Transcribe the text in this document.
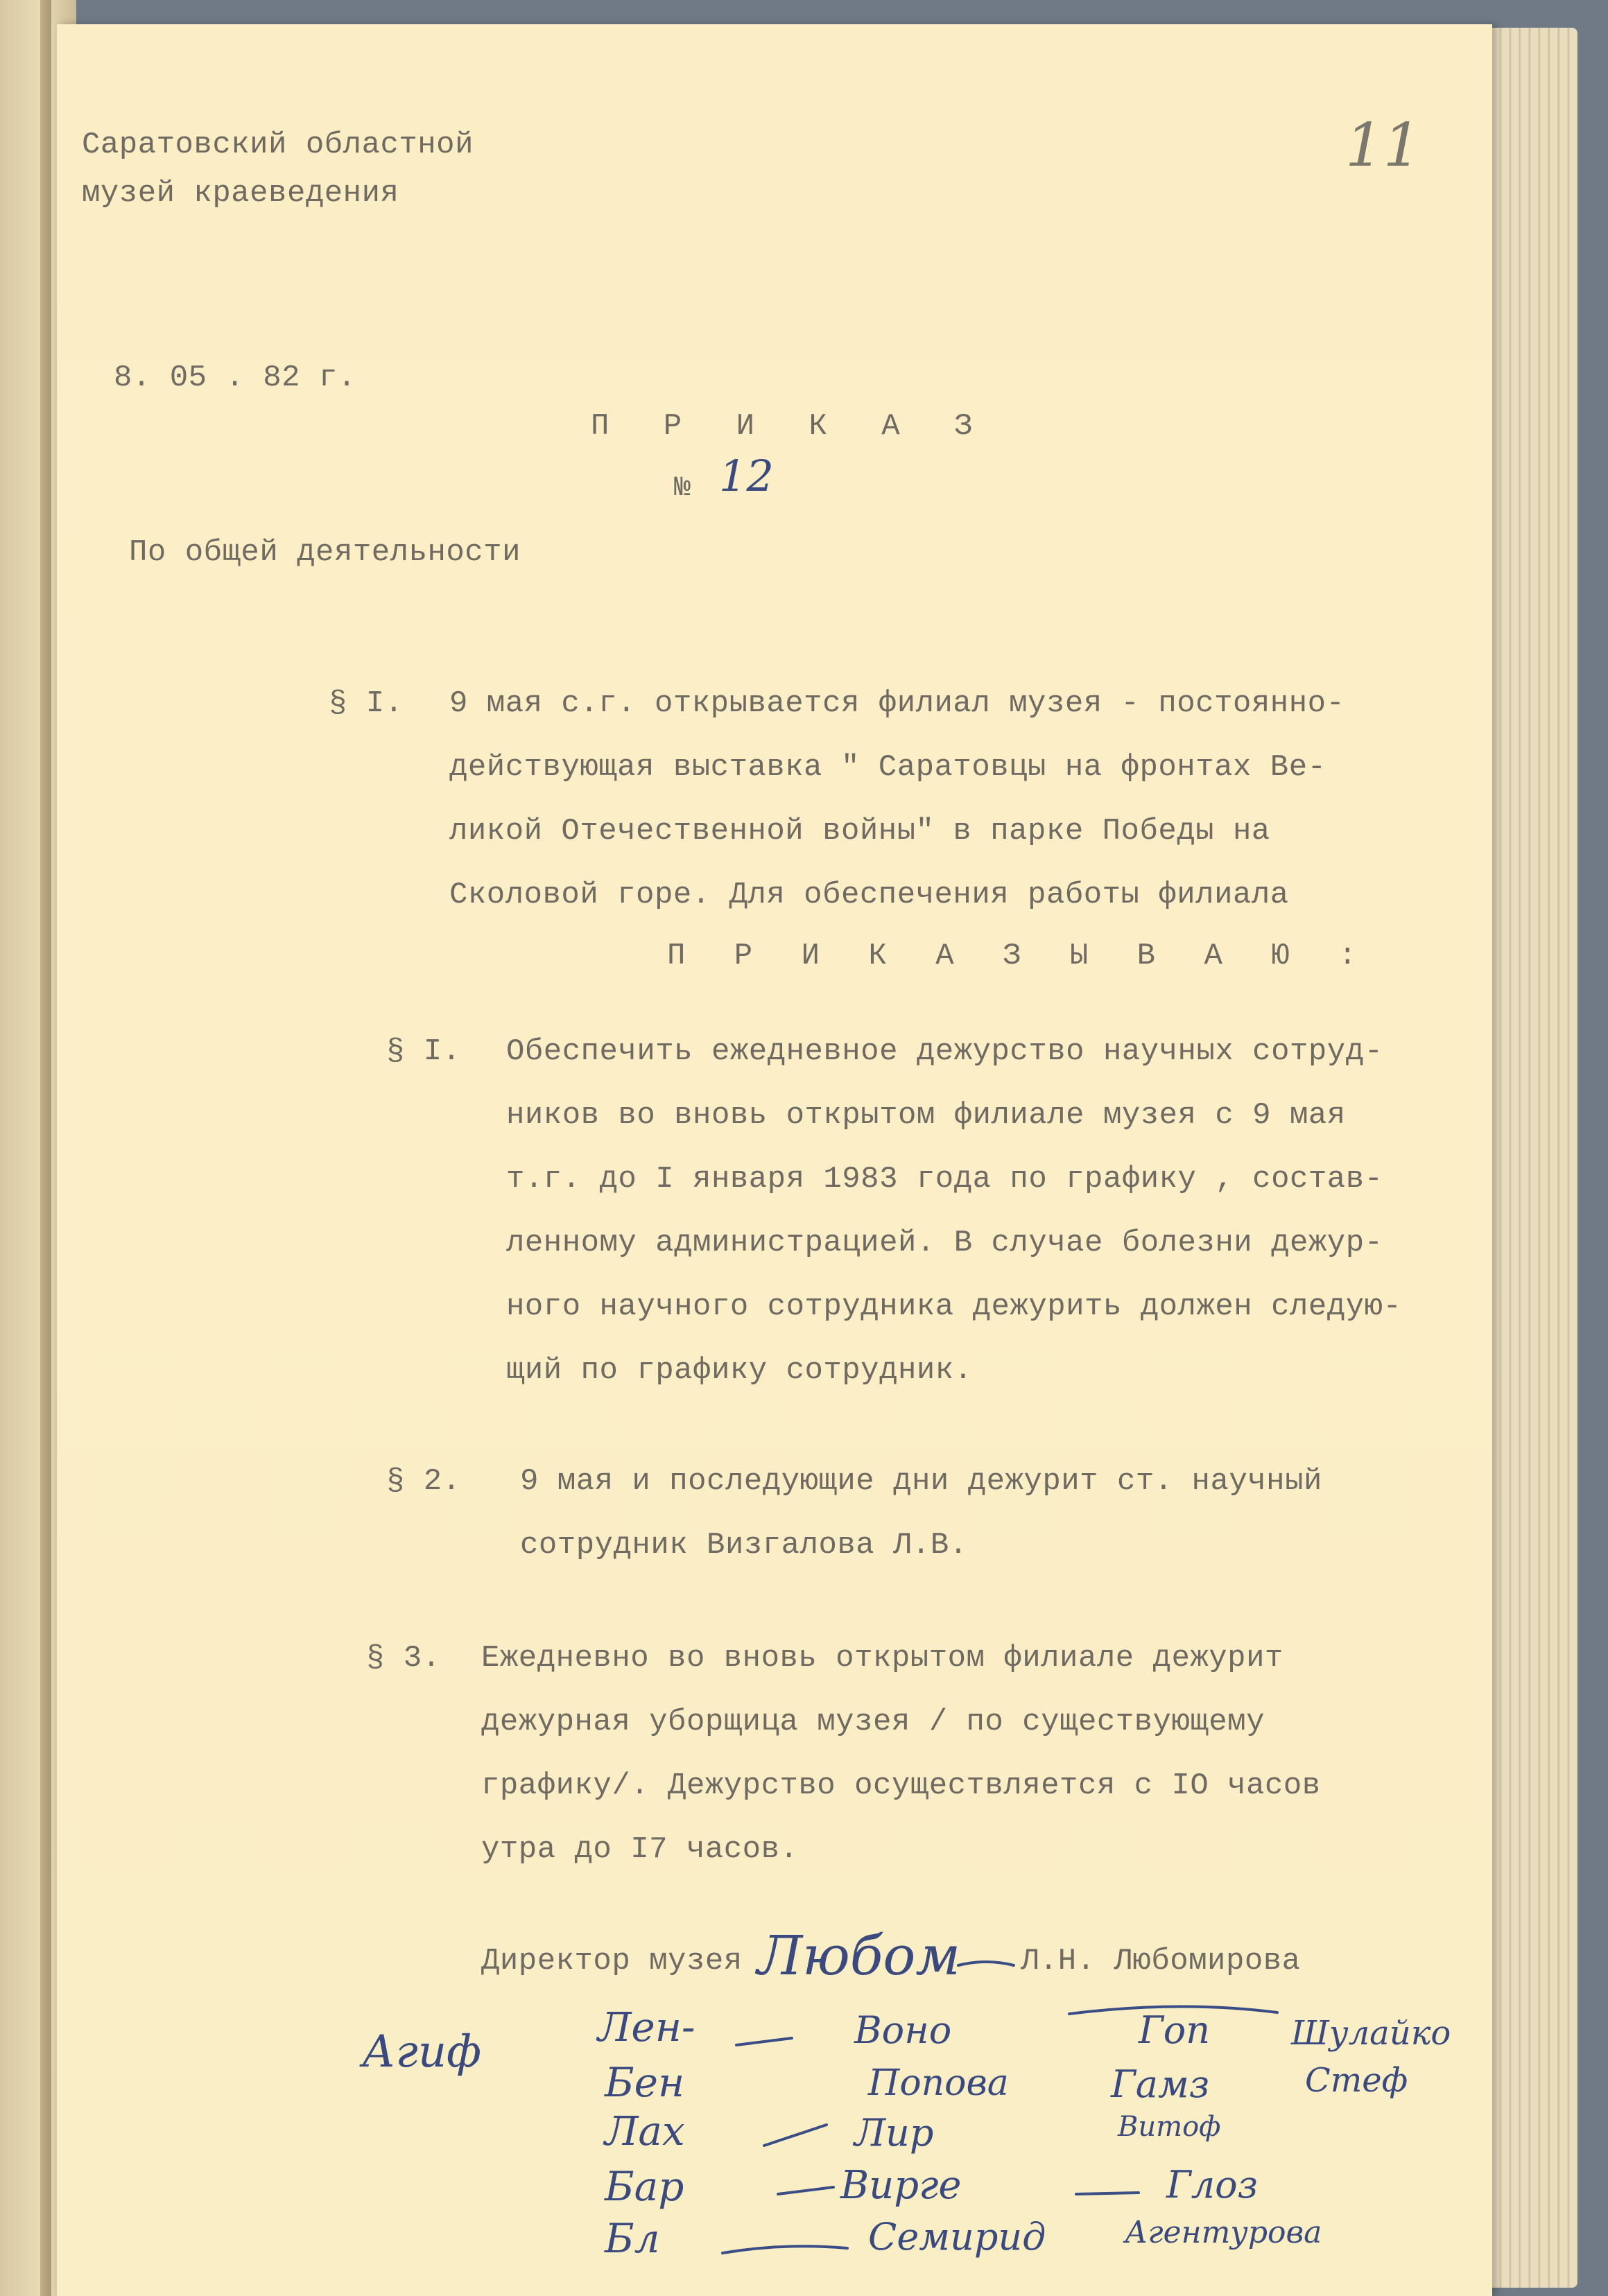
11
Саратовский областной
музей краеведения
8. 05 . 82 г.
П Р И К А З
№ 12
По общей деятельности
§ I. 9 мая с.г. открывается филиал музея - постоянно-
действующая выставка " Саратовцы на фронтах Ве-
ликой Отечественной войны" в парке Победы на
Сколовой горе. Для обеспечения работы филиала
П Р И К А З Ы В А Ю :
§ I. Обеспечить ежедневное дежурство научных сотруд-
ников во вновь открытом филиале музея с 9 мая
т.г. до I января 1983 года по графику , состав-
ленному администрацией. В случае болезни дежур-
ного научного сотрудника дежурить должен следую-
щий по графику сотрудник.
§ 2. 9 мая и последующие дни дежурит ст. научный
сотрудник Визгалова Л.В.
§ 3. Ежедневно во вновь открытом филиале дежурит
дежурная уборщица музея / по существующему
графику/. Дежурство осуществляется с IO часов
утра до I7 часов.
Директор музея Любом Л.Н. Любомирова
Агиф	Лен-
Бен
Лах
Бар
Бл
Воно
Попова
Лир
Вирге
Семирид
Гоп
Гамз
Витоф
Глоз
Шулайко
Стеф
Агентурова
